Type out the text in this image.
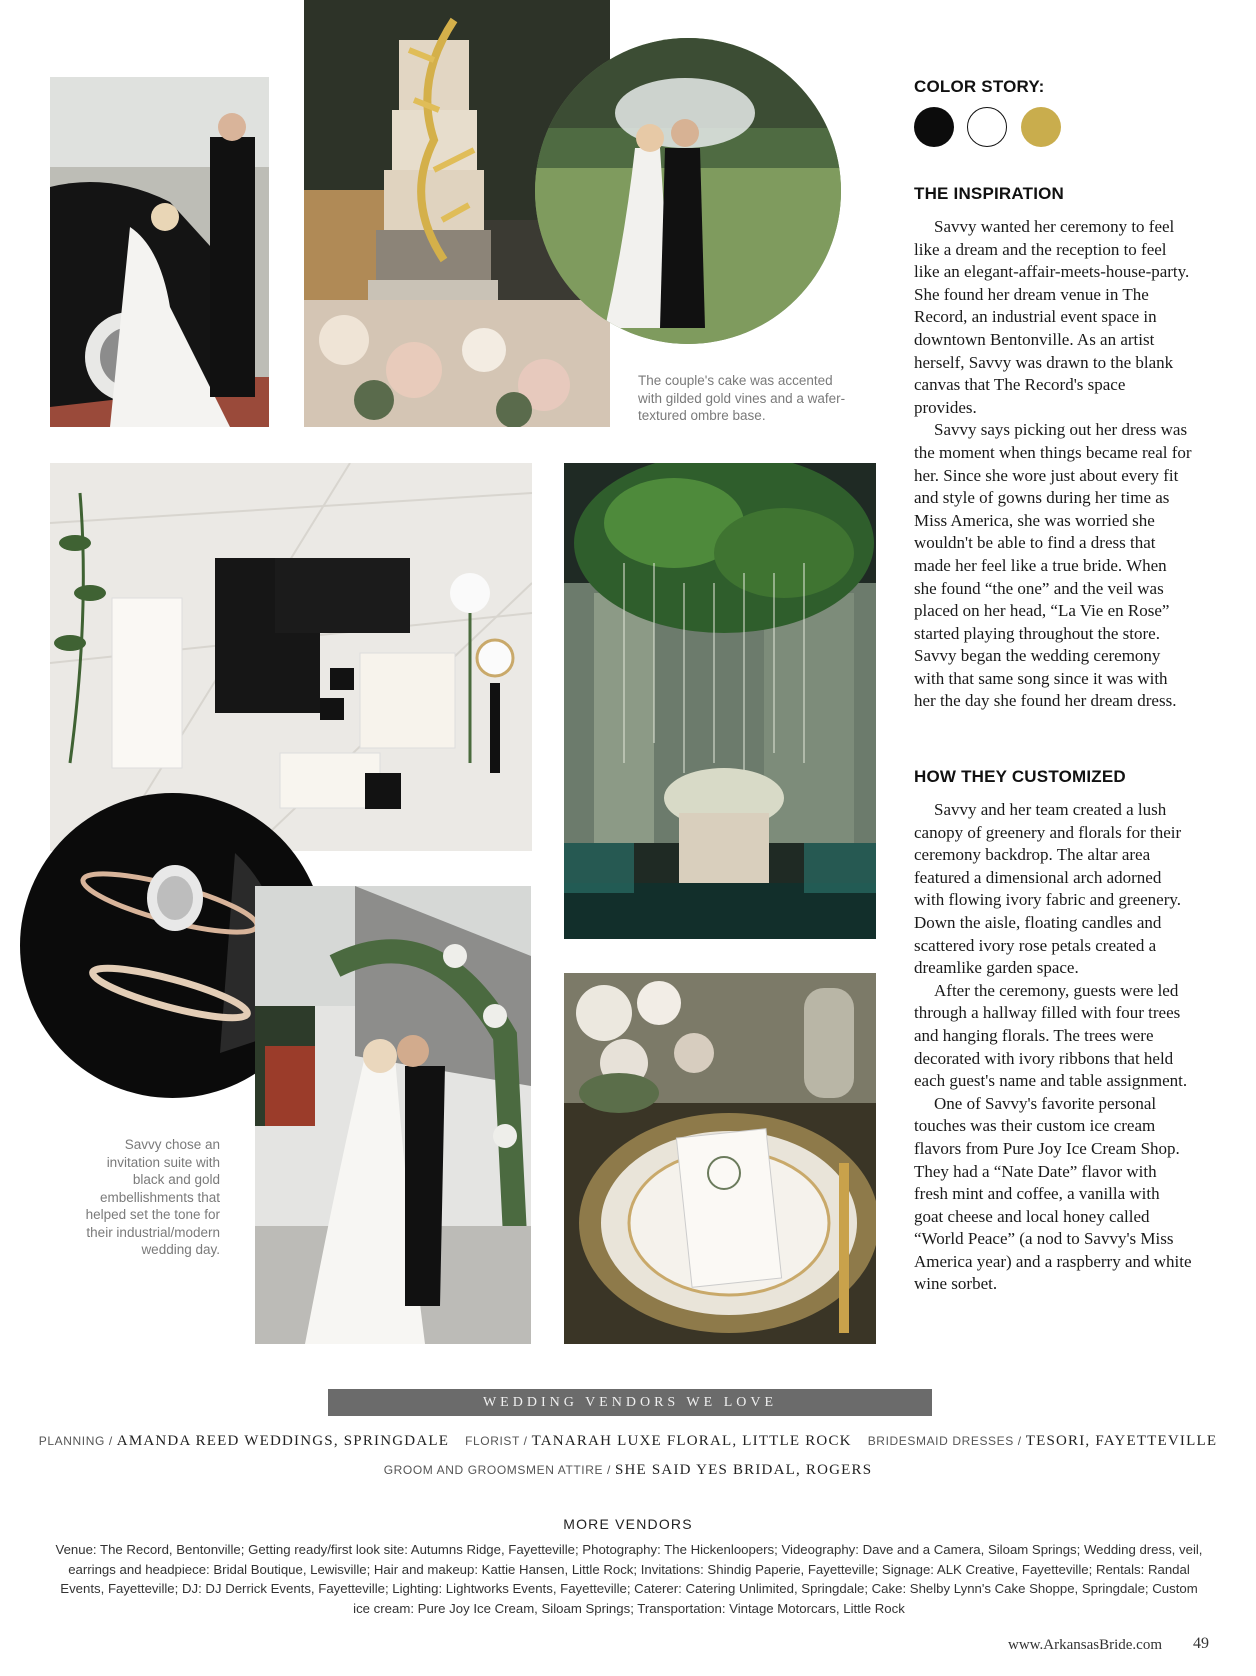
The couple's cake was accented with gilded gold vines and a wafer-textured ombre base.
Savvy chose an invitation suite with black and gold embellishments that helped set the tone for their industrial/modern wedding day.
COLOR STORY:
THE INSPIRATION

Savvy wanted her ceremony to feel like a dream and the reception to feel like an elegant-affair-meets-house-party. She found her dream venue in The Record, an industrial event space in downtown Bentonville. As an artist herself, Savvy was drawn to the blank canvas that The Record's space provides.

Savvy says picking out her dress was the moment when things became real for her. Since she wore just about every fit and style of gowns during her time as Miss America, she was worried she wouldn't be able to find a dress that made her feel like a true bride. When she found “the one” and the veil was placed on her head, “La Vie en Rose” started playing throughout the store. Savvy began the wedding ceremony with that same song since it was with her the day she found her dream dress.

HOW THEY CUSTOMIZED

Savvy and her team created a lush canopy of greenery and florals for their ceremony backdrop. The altar area featured a dimensional arch adorned with flowing ivory fabric and greenery. Down the aisle, floating candles and scattered ivory rose petals created a dreamlike garden space.

After the ceremony, guests were led through a hallway filled with four trees and hanging florals. The trees were decorated with ivory ribbons that held each guest's name and table assignment.

One of Savvy's favorite personal touches was their custom ice cream flavors from Pure Joy Ice Cream Shop. They had a “Nate Date” flavor with fresh mint and coffee, a vanilla with goat cheese and local honey called “World Peace” (a nod to Savvy's Miss America year) and a raspberry and white wine sorbet.

WEDDING VENDORS WE LOVE
PLANNING / AMANDA REED WEDDINGS, SPRINGDALE FLORIST / TANARAH LUXE FLORAL, LITTLE ROCK BRIDESMAID DRESSES / TESORI, FAYETTEVILLE
GROOM AND GROOMSMEN ATTIRE / SHE SAID YES BRIDAL, ROGERS
MORE VENDORS
Venue: The Record, Bentonville; Getting ready/first look site: Autumns Ridge, Fayetteville; Photography: The Hickenloopers; Videography: Dave and a Camera, Siloam Springs; Wedding dress, veil, earrings and headpiece: Bridal Boutique, Lewisville; Hair and makeup: Kattie Hansen, Little Rock; Invitations: Shindig Paperie, Fayetteville; Signage: ALK Creative, Fayetteville; Rentals: Randal Events, Fayetteville; DJ: DJ Derrick Events, Fayetteville; Lighting: Lightworks Events, Fayetteville; Caterer: Catering Unlimited, Springdale; Cake: Shelby Lynn's Cake Shoppe, Springdale; Custom ice cream: Pure Joy Ice Cream, Siloam Springs; Transportation: Vintage Motorcars, Little Rock
www.ArkansasBride.com 49
